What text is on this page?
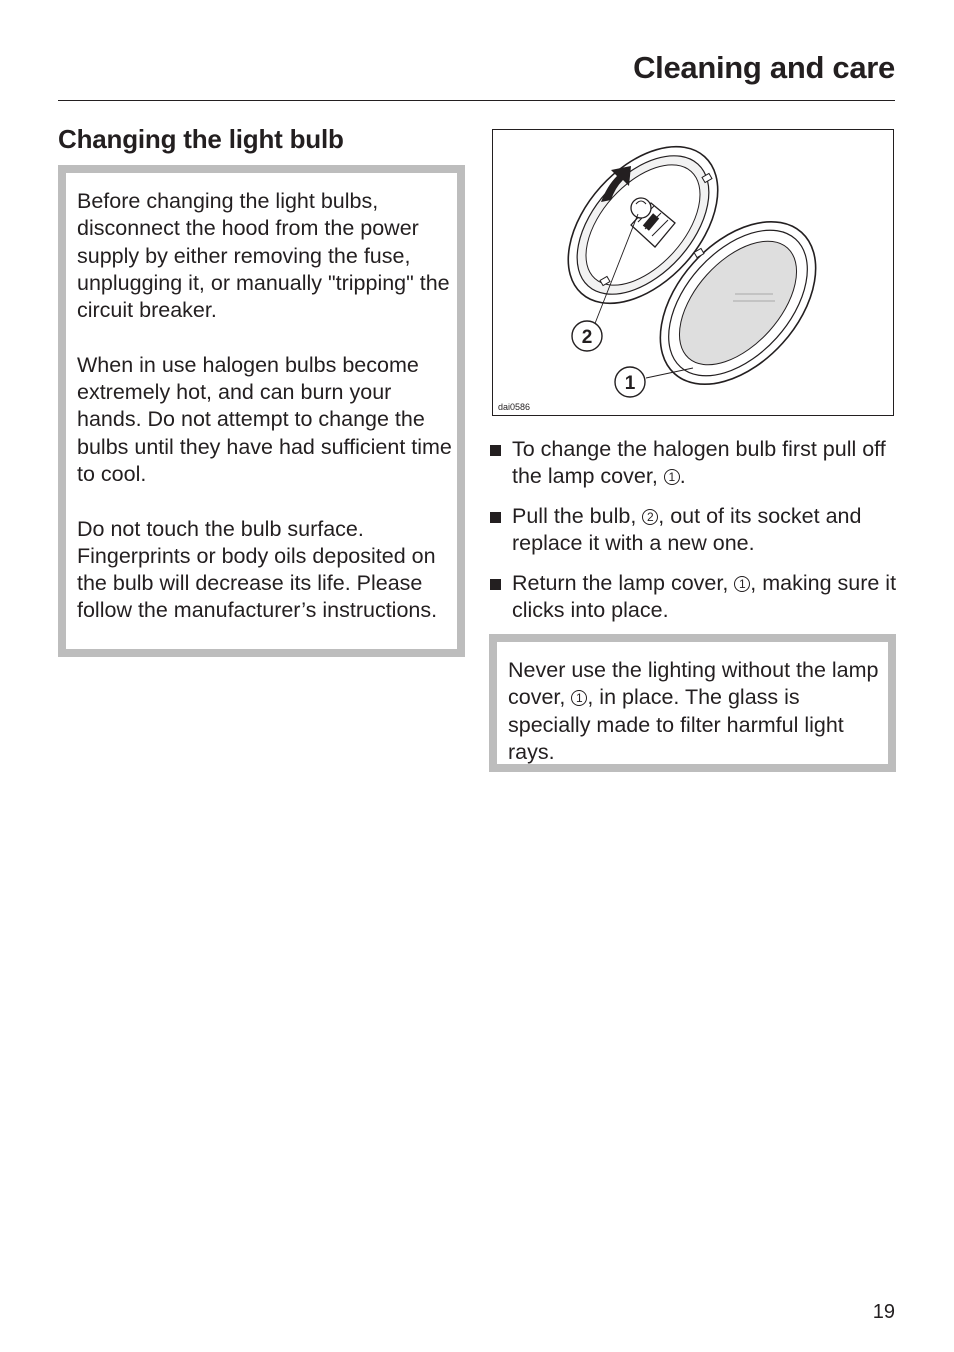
Cleaning and care
Changing the light bulb

Before changing the light bulbs, disconnect the hood from the power supply by either removing the fuse, unplugging it, or manually "tripping" the circuit breaker.

When in use halogen bulbs become extremely hot, and can burn your hands. Do not attempt to change the bulbs until they have had sufficient time to cool.

Do not touch the bulb surface. Fingerprints or body oils deposited on the bulb will decrease its life. Please follow the manufacturer’s instructions.

2
1
dai0586
To change the halogen bulb first pull off the lamp cover, 1 .
Pull the bulb, 2 , out of its socket and replace it with a new one.
Return the lamp cover, 1 , making sure it clicks into place.

Never use the lighting without the lamp cover, 1 , in place. The glass is specially made to filter harmful light rays.

19
